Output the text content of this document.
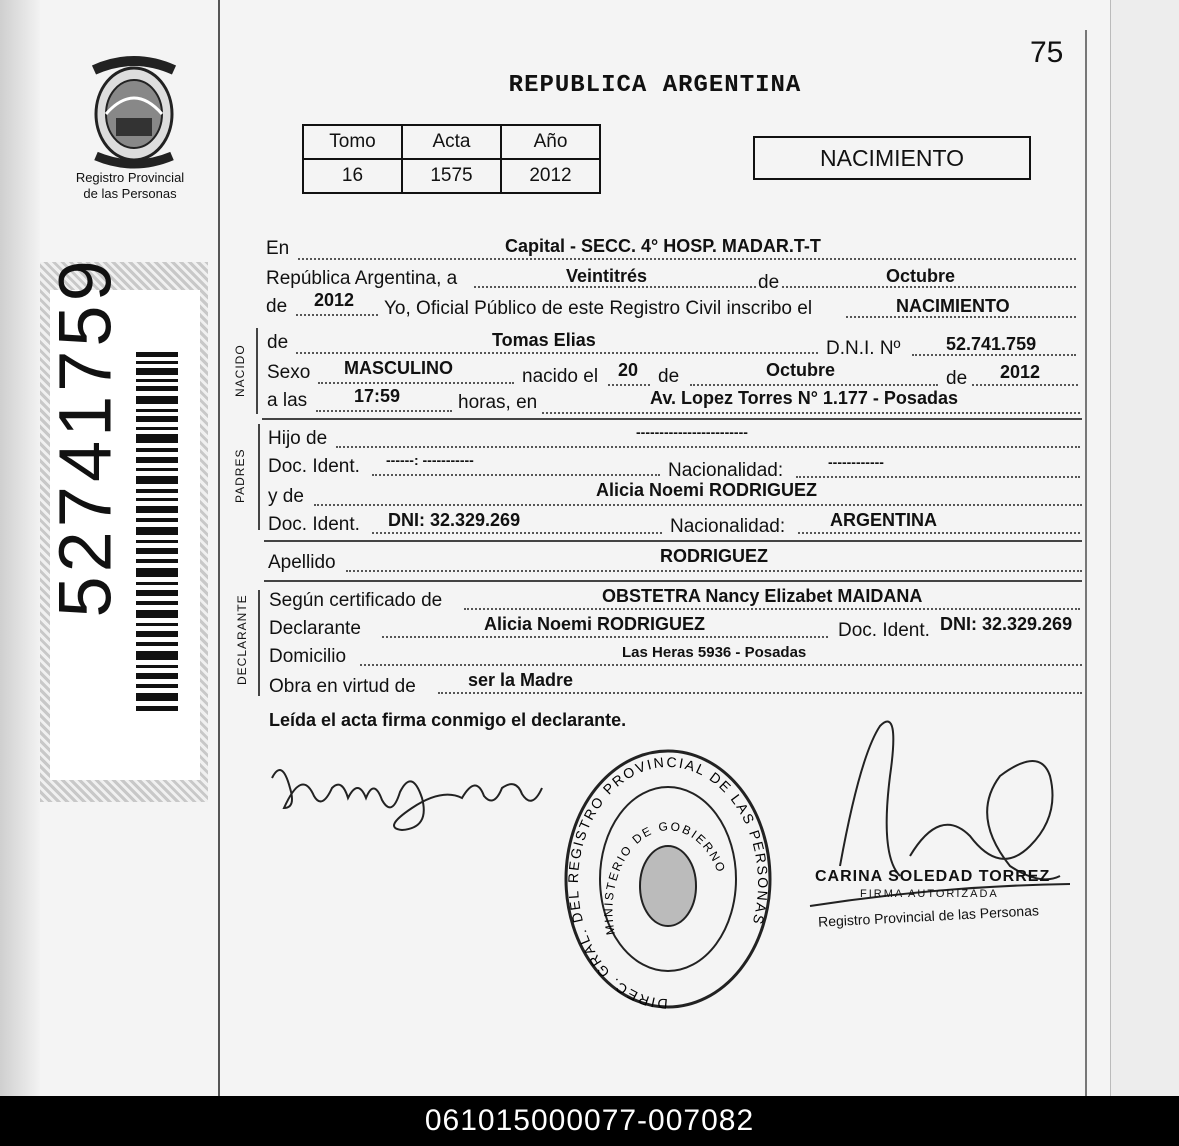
Registro Provincial
de las Personas
75
REPUBLICA ARGENTINA
Tomo	Acta	Año
16	1575	2012
NACIMIENTO
En	Capital - SECC. 4° HOSP. MADAR.T-T
República Argentina, a	Veintitrés	de	Octubre
de 2012 Yo, Oficial Público de este Registro Civil inscribo el	NACIMIENTO
NACIDO
de	Tomas Elias	D.N.I. Nº	52.741.759
Sexo MASCULINO	nacido el 20 de	Octubre	de 2012
a las	17:59	horas, en	Av. Lopez Torres N° 1.177 - Posadas
PADRES
Hijo de	------------------------
Doc. Ident. ------: -----------	Nacionalidad:	------------
y de	Alicia Noemi RODRIGUEZ
Doc. Ident. DNI: 32.329.269	Nacionalidad: ARGENTINA
Apellido	RODRIGUEZ
DECLARANTE Según certificado de	OBSTETRA Nancy Elizabet MAIDANA
Declarante	Alicia Noemi RODRIGUEZ	Doc. Ident. DNI: 32.329.269
Domicilio	Las Heras 5936 - Posadas
Obra en virtud de	ser la Madre
Leída el acta firma conmigo el declarante.
DIREC. GRAL. DEL REGISTRO PROVINCIAL DE LAS PERSONAS
MINISTERIO DE GOBIERNO
CARINA SOLEDAD TORREZ
FIRMA AUTORIZADA
Registro Provincial de las Personas
061015000077-007082
